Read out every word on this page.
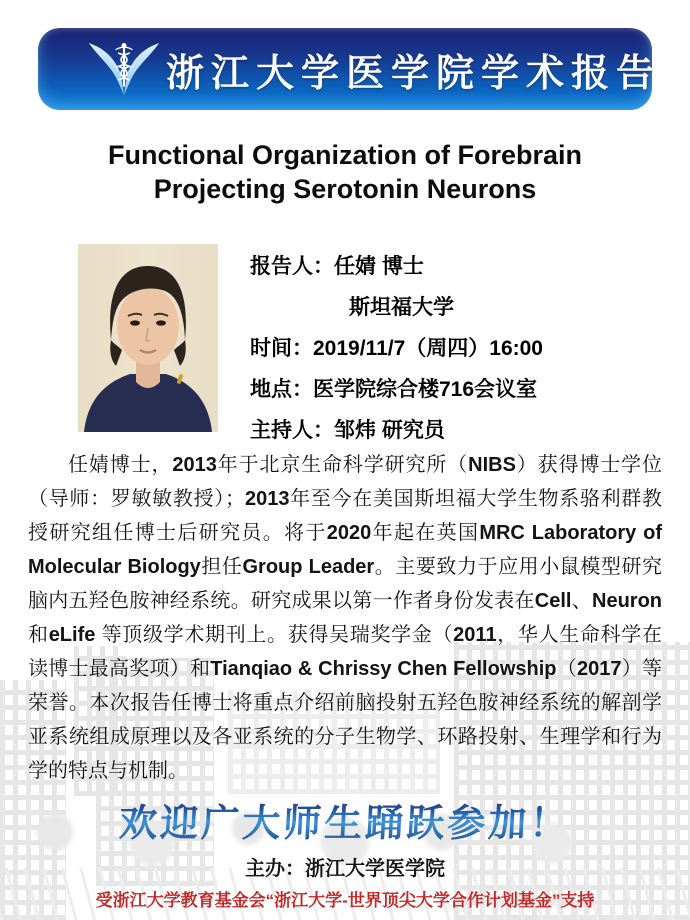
浙江大学医学院学术报告
Functional Organization of Forebrain
Projecting Serotonin Neurons
报告人： 任婧 博士
斯坦福大学
时间： 2019/11/7（周四）16:00
地点： 医学院综合楼716会议室
主持人： 邹炜 研究员
任婧博士，2013年于北京生命科学研究所（NIBS）获得博士学位（导师：罗敏敏教授）；2013年至今在美国斯坦福大学生物系骆利群教授研究组任博士后研究员。将于2020年起在英国MRC Laboratory of Molecular Biology担任Group Leader。主要致力于应用小鼠模型研究脑内五羟色胺神经系统。研究成果以第一作者身份发表在Cell、Neuron 和eLife 等顶级学术期刊上。获得吴瑞奖学金（2011，华人生命科学在读博士最高奖项）和Tianqiao & Chrissy Chen Fellowship（2017）等荣誉。本次报告任博士将重点介绍前脑投射五羟色胺神经系统的解剖学亚系统组成原理以及各亚系统的分子生物学、环路投射、生理学和行为学的特点与机制。
欢迎广大师生踊跃参加！
主办：浙江大学医学院
受浙江大学教育基金会“浙江大学-世界顶尖大学合作计划基金”支持
